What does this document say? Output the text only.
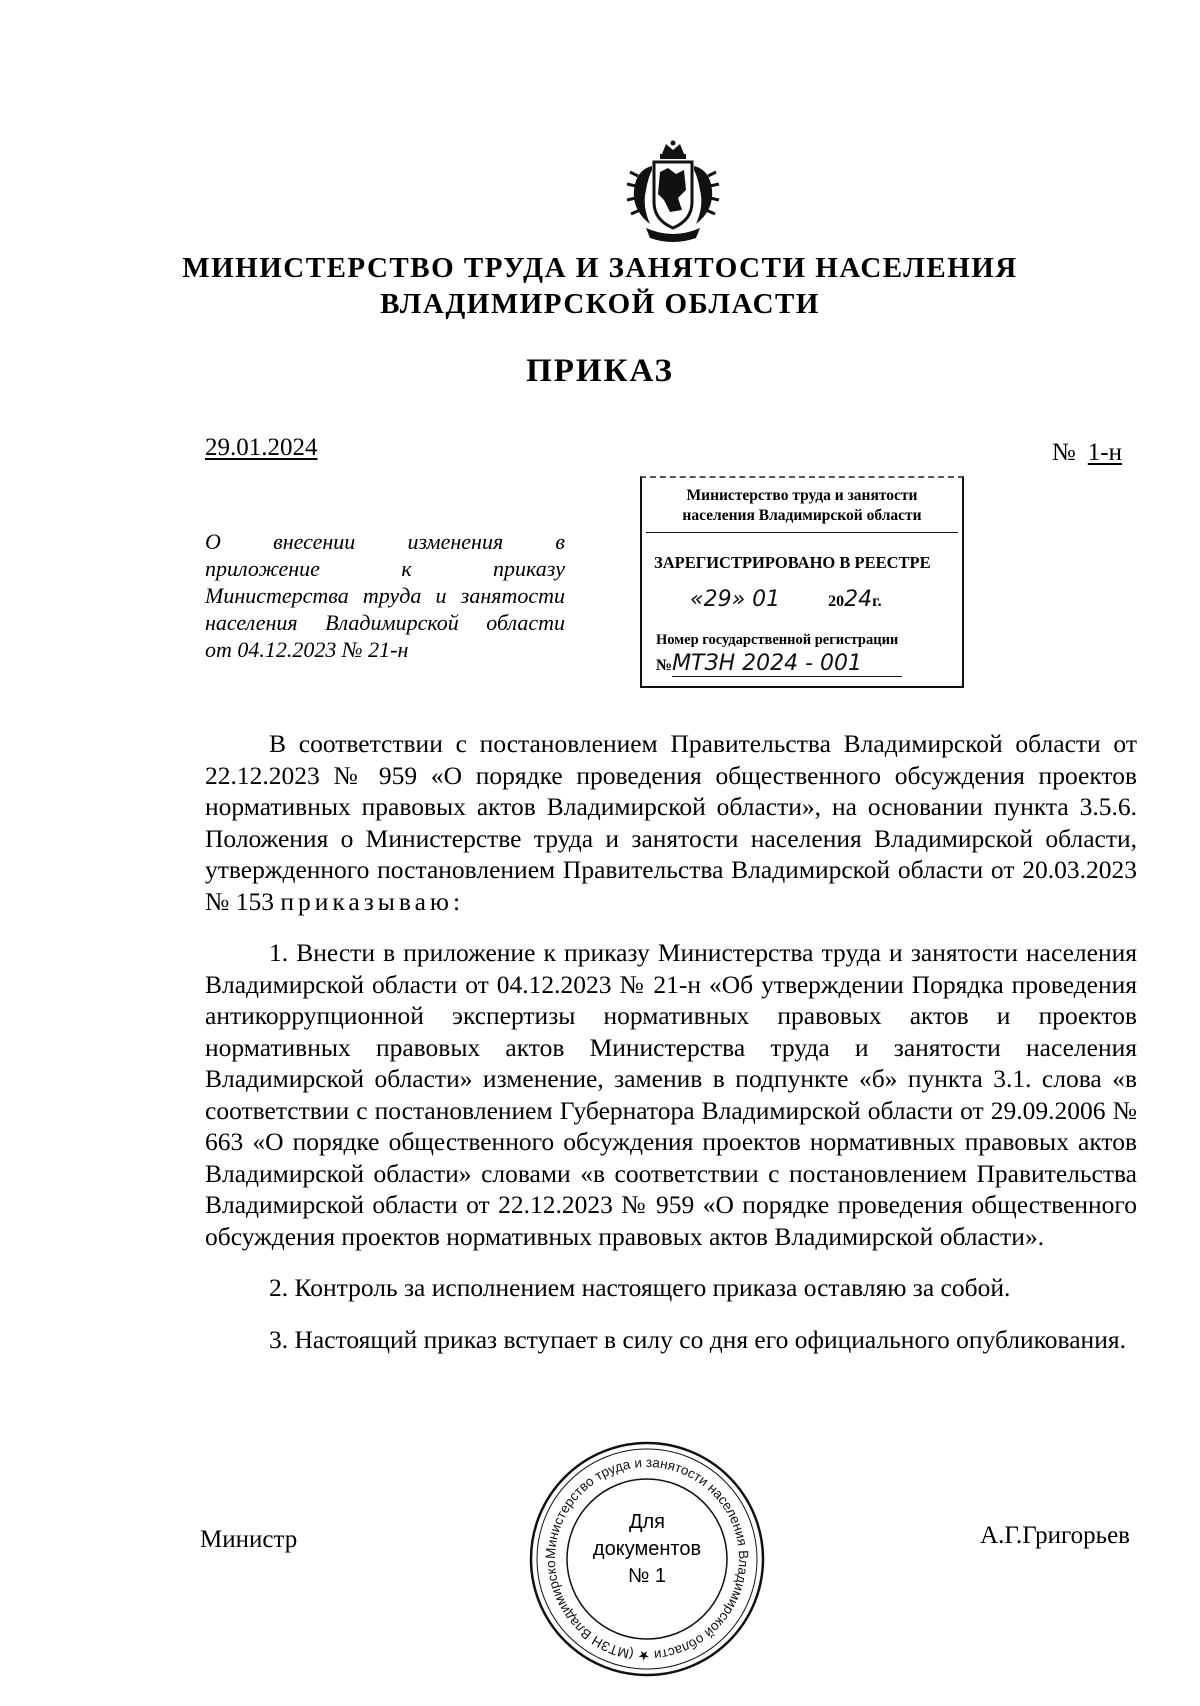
МИНИСТЕРСТВО ТРУДА И ЗАНЯТОСТИ НАСЕЛЕНИЯ
ВЛАДИМИРСКОЙ ОБЛАСТИ
ПРИКАЗ
29.01.2024	№ 1-н
О внесении изменения в
приложение к приказу
Министерства труда и занятости
населения Владимирской области
от 04.12.2023 № 21-н
Министерство труда и занятости
населения Владимирской области
ЗАРЕГИСТРИРОВАНО В РЕЕСТРЕ
«29» 01	2024г.
Номер государственной регистрации
№МТЗН 2024 - 001

В соответствии с постановлением Правительства Владимирской области от 22.12.2023 № 959 «О порядке проведения общественного обсуждения проектов нормативных правовых актов Владимирской области», на основании пункта 3.5.6. Положения о Министерстве труда и занятости населения Владимирской области, утвержденного постановлением Правительства Владимирской области от 20.03.2023 № 153 приказываю:

1. Внести в приложение к приказу Министерства труда и занятости населения Владимирской области от 04.12.2023 № 21-н «Об утверждении Порядка проведения антикоррупционной экспертизы нормативных правовых актов и проектов нормативных правовых актов Министерства труда и занятости населения Владимирской области» изменение, заменив в подпункте «б» пункта 3.1. слова «в соответствии с постановлением Губернатора Владимирской области от 29.09.2006 № 663 «О порядке общественного обсуждения проектов нормативных правовых актов Владимирской области» словами «в соответствии с постановлением Правительства Владимирской области от 22.12.2023 № 959 «О порядке проведения общественного обсуждения проектов нормативных правовых актов Владимирской области».

2. Контроль за исполнением настоящего приказа оставляю за собой.

3. Настоящий приказ вступает в силу со дня его официального опубликования.

Министр	А.Г.Григорьев
Министерство труда и занятости населения Владимирской области ★ (МТЗН Владимирско
Для
документов
№ 1
